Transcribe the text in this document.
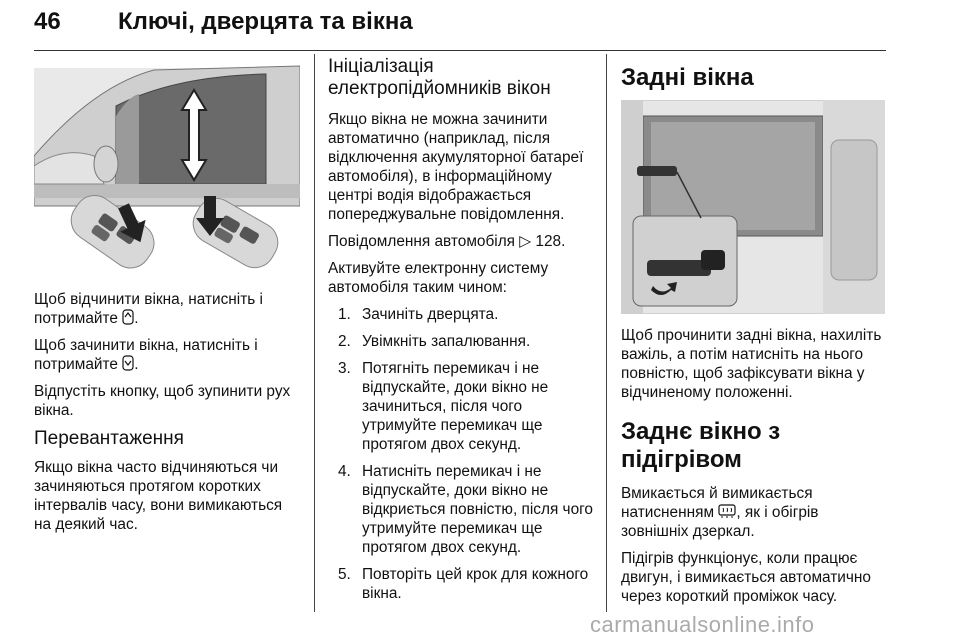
46 Ключі, дверцята та вікна

Щоб відчинити вікна, натисніть і потримайте .

Щоб зачинити вікна, натисніть і потримайте .

Відпустіть кнопку, щоб зупинити рух вікна.

Перевантаження

Якщо вікна часто відчиняються чи зачиняються протягом коротких інтервалів часу, вони вимикаються на деякий час.

Ініціалізація електропідйомників вікон

Якщо вікна не можна зачинити автоматично (наприклад, після відключення акумуляторної батареї автомобіля), в інформаційному центрі водія відображається попереджувальне повідомлення.

Повідомлення автомобіля ▷ 128.

Активуйте електронну систему автомобіля таким чином:

1. Зачиніть дверцята.
2. Увімкніть запалювання.
3. Потягніть перемикач і не відпускайте, доки вікно не зачиниться, після чого утримуйте перемикач ще протягом двох секунд.
4. Натисніть перемикач і не відпускайте, доки вікно не відкриється повністю, після чого утримуйте перемикач ще протягом двох секунд.
5. Повторіть цей крок для кожного вікна.
Задні вікна

Щоб прочинити задні вікна, нахиліть важіль, а потім натисніть на нього повністю, щоб зафіксувати вікна у відчиненому положенні.

Заднє вікно з підігрівом

Вмикається й вимикається натисненням , як і обігрів зовнішніх дзеркал.

Підігрів функціонує, коли працює двигун, і вимикається автоматично через короткий проміжок часу.

carmanualsonline.info
